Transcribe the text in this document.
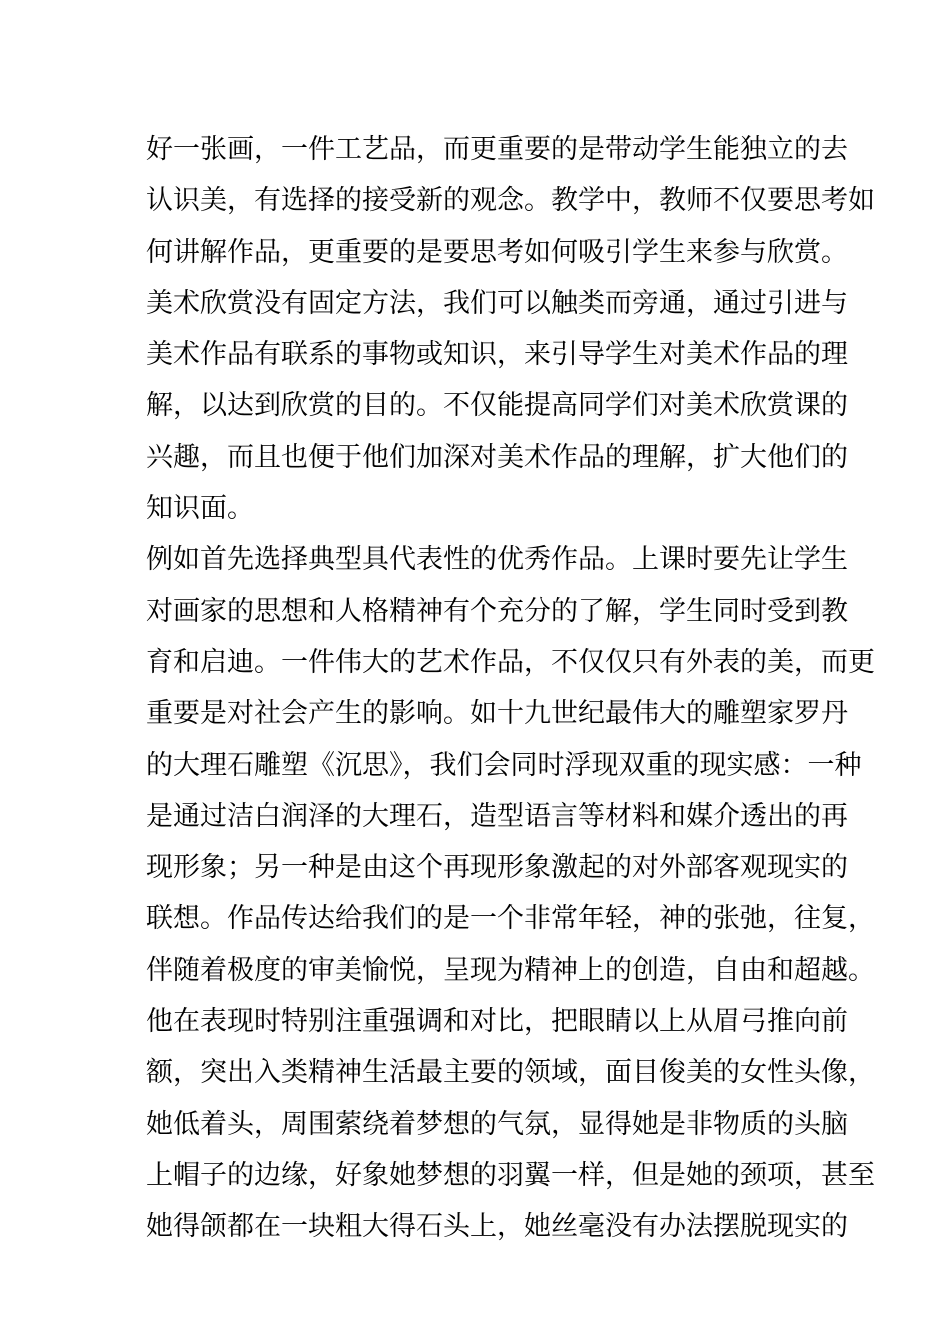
好一张画，一件工艺品，而更重要的是带动学生能独立的去
认识美，有选择的接受新的观念。教学中，教师不仅要思考如
何讲解作品，更重要的是要思考如何吸引学生来参与欣赏。
美术欣赏没有固定方法，我们可以触类而旁通，通过引进与
美术作品有联系的事物或知识，来引导学生对美术作品的理
解，以达到欣赏的目的。不仅能提高同学们对美术欣赏课的
兴趣，而且也便于他们加深对美术作品的理解，扩大他们的
知识面。
例如首先选择典型具代表性的优秀作品。上课时要先让学生
对画家的思想和人格精神有个充分的了解，学生同时受到教
育和启迪。一件伟大的艺术作品，不仅仅只有外表的美，而更
重要是对社会产生的影响。如十九世纪最伟大的雕塑家罗丹
的大理石雕塑《沉思》，我们会同时浮现双重的现实感：一种
是通过洁白润泽的大理石，造型语言等材料和媒介透出的再
现形象；另一种是由这个再现形象激起的对外部客观现实的
联想。作品传达给我们的是一个非常年轻，神的张弛，往复，
伴随着极度的审美愉悦，呈现为精神上的创造，自由和超越。
他在表现时特别注重强调和对比，把眼睛以上从眉弓推向前
额，突出入类精神生活最主要的领域，面目俊美的女性头像，
她低着头，周围萦绕着梦想的气氛，显得她是非物质的头脑
上帽子的边缘，好象她梦想的羽翼一样，但是她的颈项，甚至
她得颌都在一块粗大得石头上，她丝毫没有办法摆脱现实的
